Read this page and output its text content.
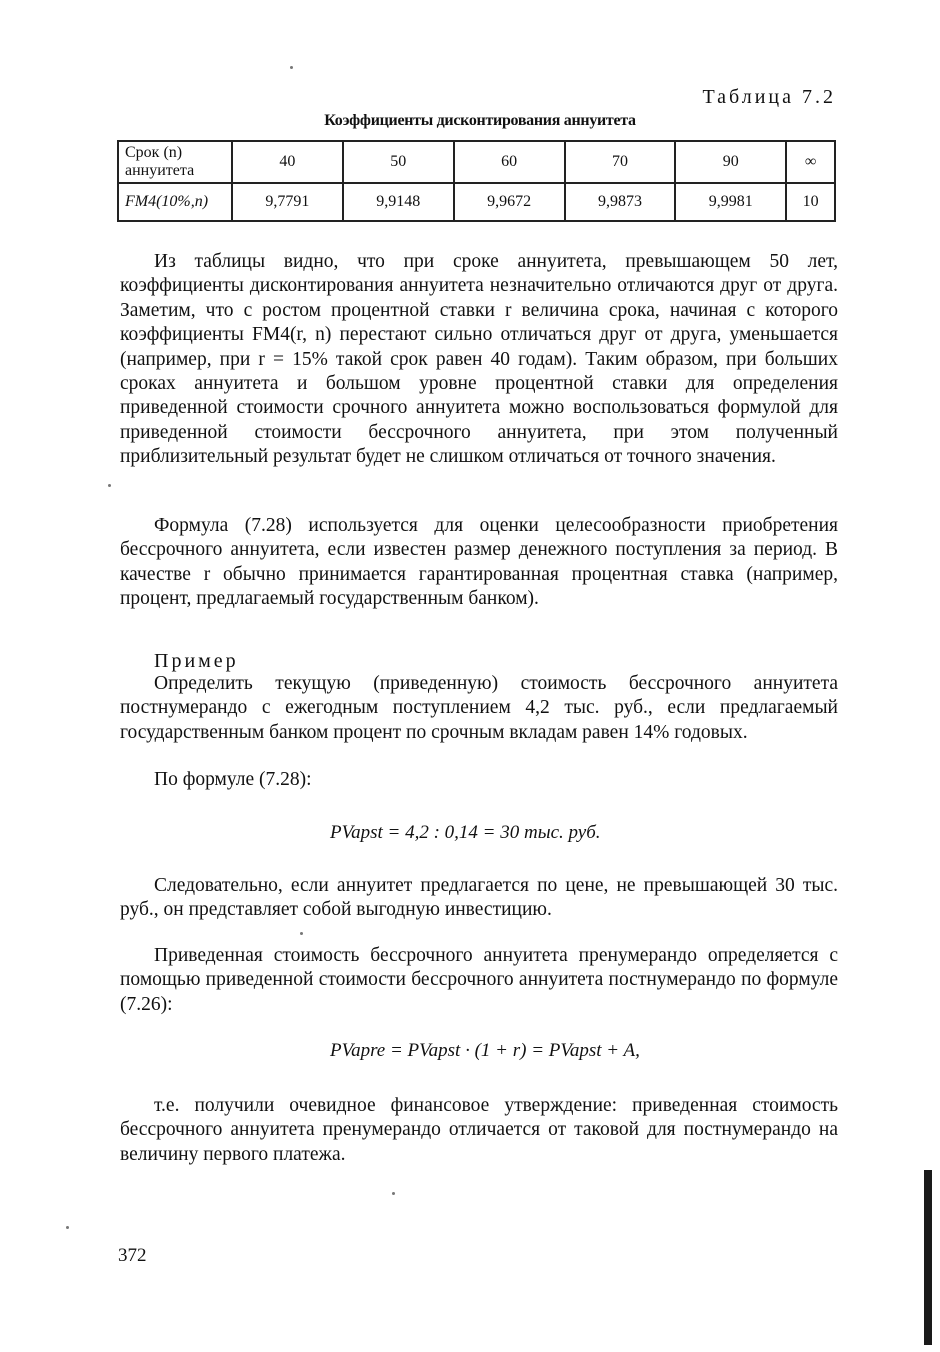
Таблица 7.2
Коэффициенты дисконтирования аннуитета
Срок (n) аннуитета	40	50	60	70	90	∞
FM4(10%,n)	9,7791	9,9148	9,9672	9,9873	9,9981	10

Из таблицы видно, что при сроке аннуитета, превышающем 50 лет, коэффициенты дисконтирования аннуитета незначительно отличаются друг от друга. Заметим, что с ростом процентной ставки r величина срока, начиная с которого коэффициенты FM4(r, n) перестают сильно отличаться друг от друга, уменьшается (например, при r = 15% такой срок равен 40 годам). Таким образом, при больших сроках аннуитета и большом уровне процентной ставки для определения приведенной стоимости срочного аннуитета можно воспользоваться формулой для приведенной стоимости бессрочного аннуитета, при этом полученный приблизительный результат будет не слишком отличаться от точного значения.

Формула (7.28) используется для оценки целесообразности приобретения бессрочного аннуитета, если известен размер денежного поступления за период. В качестве r обычно принимается гарантированная процентная ставка (например, процент, предлагаемый государственным банком).

Пример

Определить текущую (приведенную) стоимость бессрочного аннуитета постнумерандо с ежегодным поступлением 4,2 тыс. руб., если предлагаемый государственным банком процент по срочным вкладам равен 14% годовых.

По формуле (7.28):

PVapst = 4,2 : 0,14 = 30 тыс. руб.

Следовательно, если аннуитет предлагается по цене, не превышающей 30 тыс. руб., он представляет собой выгодную инвестицию.

Приведенная стоимость бессрочного аннуитета пренумерандо определяется с помощью приведенной стоимости бессрочного аннуитета постнумерандо по формуле (7.26):

PVapre = PVapst · (1 + r) = PVapst + A,

т.е. получили очевидное финансовое утверждение: приведенная стоимость бессрочного аннуитета пренумерандо отличается от таковой для постнумерандо на величину первого платежа.

372
